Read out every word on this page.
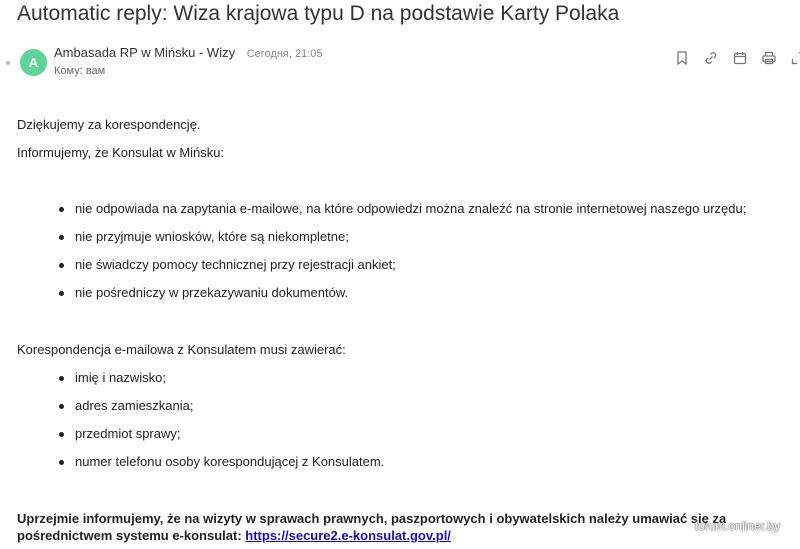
Automatic reply: Wiza krajowa typu D na podstawie Karty Polaka
A
Ambasada RP w Mińsku - Wizy Сегодня, 21:05
Кому: вам
Dziękujemy za korespondencję.
Informujemy, że Konsulat w Mińsku:
nie odpowiada na zapytania e-mailowe, na które odpowiedzi można znaleźć na stronie internetowej naszego urzędu;
nie przyjmuje wniosków, które są niekompletne;
nie świadczy pomocy technicznej przy rejestracji ankiet;
nie pośredniczy w przekazywaniu dokumentów.
Korespondencja e-mailowa z Konsulatem musi zawierać:
imię i nazwisko;
adres zamieszkania;
przedmiot sprawy;
numer telefonu osoby korespondującej z Konsulatem.
Uprzejmie informujemy, że na wizyty w sprawach prawnych, paszportowych i obywatelskich należy umawiać się za pośrednictwem systemu e-konsulat: https://secure2.e-konsulat.gov.pl/
forum.onliner.by
